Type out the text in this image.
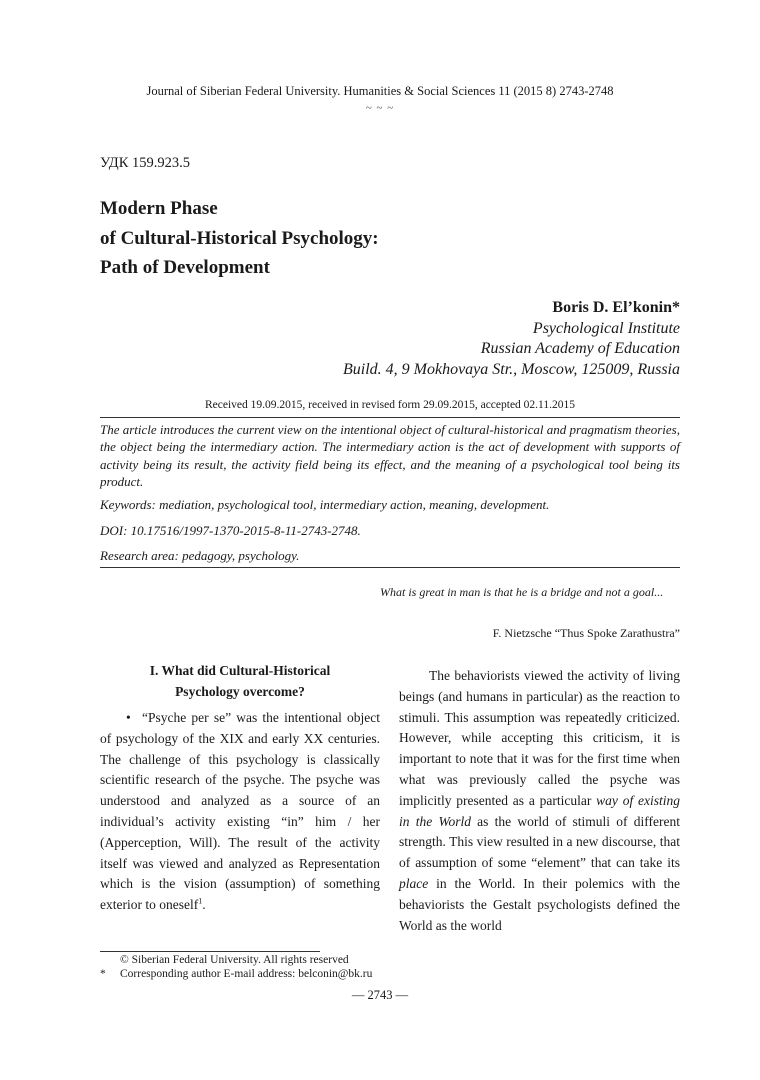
Journal of Siberian Federal University. Humanities & Social Sciences 11 (2015 8) 2743-2748
~ ~ ~
УДК 159.923.5
Modern Phase
of Cultural-Historical Psychology:
Path of Development
Boris D. El’konin*
Psychological Institute
Russian Academy of Education
Build. 4, 9 Mokhovaya Str., Moscow, 125009, Russia
Received 19.09.2015, received in revised form 29.09.2015, accepted 02.11.2015
The article introduces the current view on the intentional object of cultural-historical and pragmatism theories, the object being the intermediary action. The intermediary action is the act of development with supports of activity being its result, the activity field being its effect, and the meaning of a psychological tool being its product.
Keywords: mediation, psychological tool, intermediary action, meaning, development.
DOI: 10.17516/1997-1370-2015-8-11-2743-2748.
Research area: pedagogy, psychology.
What is great in man is that he is a bridge and not a goal...
F. Nietzsche “Thus Spoke Zarathustra”
I. What did Cultural-Historical
Psychology overcome?
• “Psyche per se” was the intentional object of psychology of the XIX and early XX centuries. The challenge of this psychology is classically scientific research of the psyche. The psyche was understood and analyzed as a source of an individual’s activity existing “in” him / her (Apperception, Will). The result of the activity itself was viewed and analyzed as Representation which is the vision (assumption) of something exterior to oneself$^1$.

The behaviorists viewed the activity of living beings (and humans in particular) as the reaction to stimuli. This assumption was repeatedly criticized. However, while accepting this criticism, it is important to note that it was for the first time when what was previously called the psyche was implicitly presented as a particular way of existing in the World as the world of stimuli of different strength. This view resulted in a new discourse, that of assumption of some “element” that can take its place in the World. In their polemics with the behaviorists the Gestalt psychologists defined the World as the world

© Siberian Federal University. All rights reserved
* Corresponding author E-mail address: belconin@bk.ru
— 2743 —
